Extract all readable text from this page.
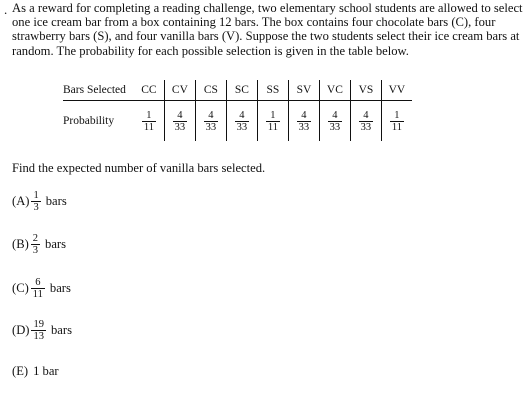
. As a reward for completing a reading challenge, two elementary school students are allowed to select one ice cream bar from a box containing 12 bars. The box contains four chocolate bars (C), four strawberry bars (S), and four vanilla bars (V). Suppose the two students select their ice cream bars at random. The probability for each possible selection is given in the table below.

Bars Selected	CC	CV	CS	SC	SS	SV	VC	VS	VV
Probability	$\frac{1}{11}$	$\frac{4}{33}$	$\frac{4}{33}$	$\frac{4}{33}$	$\frac{1}{11}$	$\frac{4}{33}$	$\frac{4}{33}$	$\frac{4}{33}$	$\frac{1}{11}$

Find the expected number of vanilla bars selected.

$(A) \frac{1}{3}$ bars
$(B) \frac{2}{3}$ bars
$(C) \frac{6}{11}$ bars
$(D) \frac{19}{13}$ bars
(E) 1 bar
